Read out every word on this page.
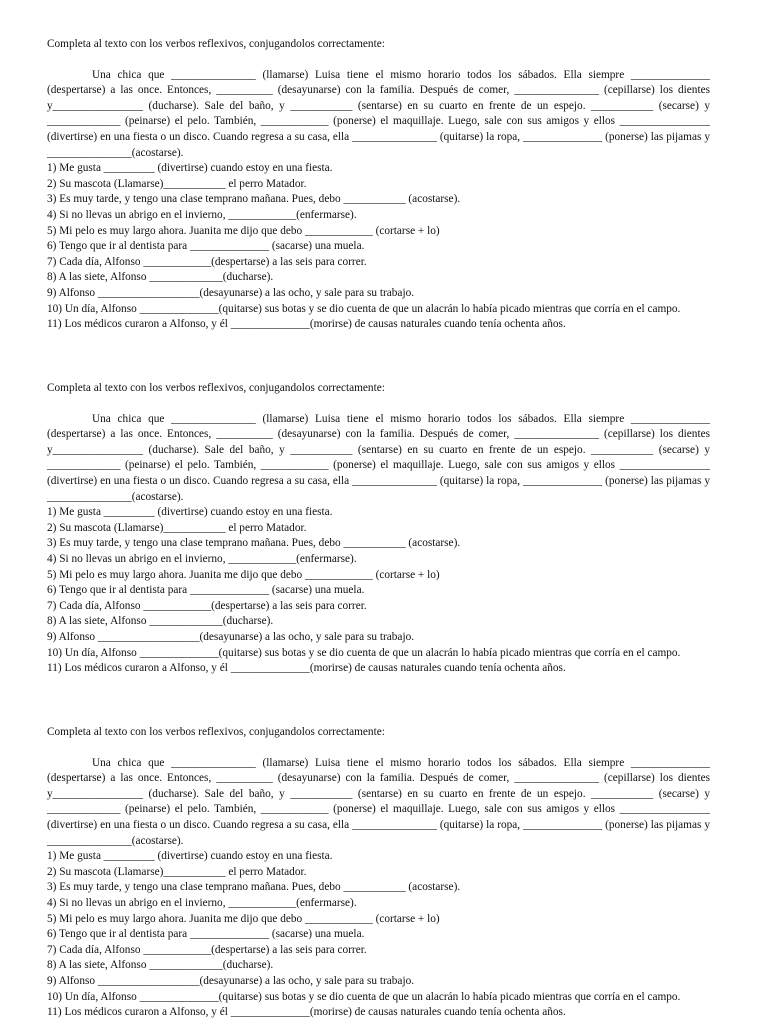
Completa al texto con los verbos reflexivos, conjugandolos correctamente:

Una chica que _______________ (llamarse) Luisa tiene el mismo horario todos los sábados. Ella siempre ______________ (despertarse) a las once. Entonces, __________ (desayunarse) con la familia. Después de comer, _______________ (cepillarse) los dientes y________________ (ducharse). Sale del baño, y ___________ (sentarse) en su cuarto en frente de un espejo. ___________ (secarse) y _____________ (peinarse) el pelo. También, ____________ (ponerse) el maquillaje. Luego, sale con sus amigos y ellos ________________ (divertirse) en una fiesta o un disco. Cuando regresa a su casa, ella _______________ (quitarse) la ropa, ______________ (ponerse) las pijamas y _______________(acostarse).

1) Me gusta _________ (divertirse) cuando estoy en una fiesta.
2) Su mascota (Llamarse)___________ el perro Matador.
3) Es muy tarde, y tengo una clase temprano mañana. Pues, debo ___________ (acostarse).
4) Si no llevas un abrigo en el invierno, ____________(enfermarse).
5) Mi pelo es muy largo ahora. Juanita me dijo que debo ____________ (cortarse + lo)
6) Tengo que ir al dentista para ______________ (sacarse) una muela.
7) Cada día, Alfonso ____________(despertarse) a las seis para correr.
8) A las siete, Alfonso _____________(ducharse).
9) Alfonso __________________(desayunarse) a las ocho, y sale para su trabajo.
10) Un día, Alfonso ______________(quitarse) sus botas y se dio cuenta de que un alacrán lo había picado mientras que corría en el campo.
11) Los médicos curaron a Alfonso, y él ______________(morirse) de causas naturales cuando tenía ochenta años.

Completa al texto con los verbos reflexivos, conjugandolos correctamente:

Una chica que _______________ (llamarse) Luisa tiene el mismo horario todos los sábados. Ella siempre ______________ (despertarse) a las once. Entonces, __________ (desayunarse) con la familia. Después de comer, _______________ (cepillarse) los dientes y________________ (ducharse). Sale del baño, y ___________ (sentarse) en su cuarto en frente de un espejo. ___________ (secarse) y _____________ (peinarse) el pelo. También, ____________ (ponerse) el maquillaje. Luego, sale con sus amigos y ellos ________________ (divertirse) en una fiesta o un disco. Cuando regresa a su casa, ella _______________ (quitarse) la ropa, ______________ (ponerse) las pijamas y _______________(acostarse).

1) Me gusta _________ (divertirse) cuando estoy en una fiesta.
2) Su mascota (Llamarse)___________ el perro Matador.
3) Es muy tarde, y tengo una clase temprano mañana. Pues, debo ___________ (acostarse).
4) Si no llevas un abrigo en el invierno, ____________(enfermarse).
5) Mi pelo es muy largo ahora. Juanita me dijo que debo ____________ (cortarse + lo)
6) Tengo que ir al dentista para ______________ (sacarse) una muela.
7) Cada día, Alfonso ____________(despertarse) a las seis para correr.
8) A las siete, Alfonso _____________(ducharse).
9) Alfonso __________________(desayunarse) a las ocho, y sale para su trabajo.
10) Un día, Alfonso ______________(quitarse) sus botas y se dio cuenta de que un alacrán lo había picado mientras que corría en el campo.
11) Los médicos curaron a Alfonso, y él ______________(morirse) de causas naturales cuando tenía ochenta años.

Completa al texto con los verbos reflexivos, conjugandolos correctamente:

Una chica que _______________ (llamarse) Luisa tiene el mismo horario todos los sábados. Ella siempre ______________ (despertarse) a las once. Entonces, __________ (desayunarse) con la familia. Después de comer, _______________ (cepillarse) los dientes y________________ (ducharse). Sale del baño, y ___________ (sentarse) en su cuarto en frente de un espejo. ___________ (secarse) y _____________ (peinarse) el pelo. También, ____________ (ponerse) el maquillaje. Luego, sale con sus amigos y ellos ________________ (divertirse) en una fiesta o un disco. Cuando regresa a su casa, ella _______________ (quitarse) la ropa, ______________ (ponerse) las pijamas y _______________(acostarse).

1) Me gusta _________ (divertirse) cuando estoy en una fiesta.
2) Su mascota (Llamarse)___________ el perro Matador.
3) Es muy tarde, y tengo una clase temprano mañana. Pues, debo ___________ (acostarse).
4) Si no llevas un abrigo en el invierno, ____________(enfermarse).
5) Mi pelo es muy largo ahora. Juanita me dijo que debo ____________ (cortarse + lo)
6) Tengo que ir al dentista para ______________ (sacarse) una muela.
7) Cada día, Alfonso ____________(despertarse) a las seis para correr.
8) A las siete, Alfonso _____________(ducharse).
9) Alfonso __________________(desayunarse) a las ocho, y sale para su trabajo.
10) Un día, Alfonso ______________(quitarse) sus botas y se dio cuenta de que un alacrán lo había picado mientras que corría en el campo.
11) Los médicos curaron a Alfonso, y él ______________(morirse) de causas naturales cuando tenía ochenta años.
